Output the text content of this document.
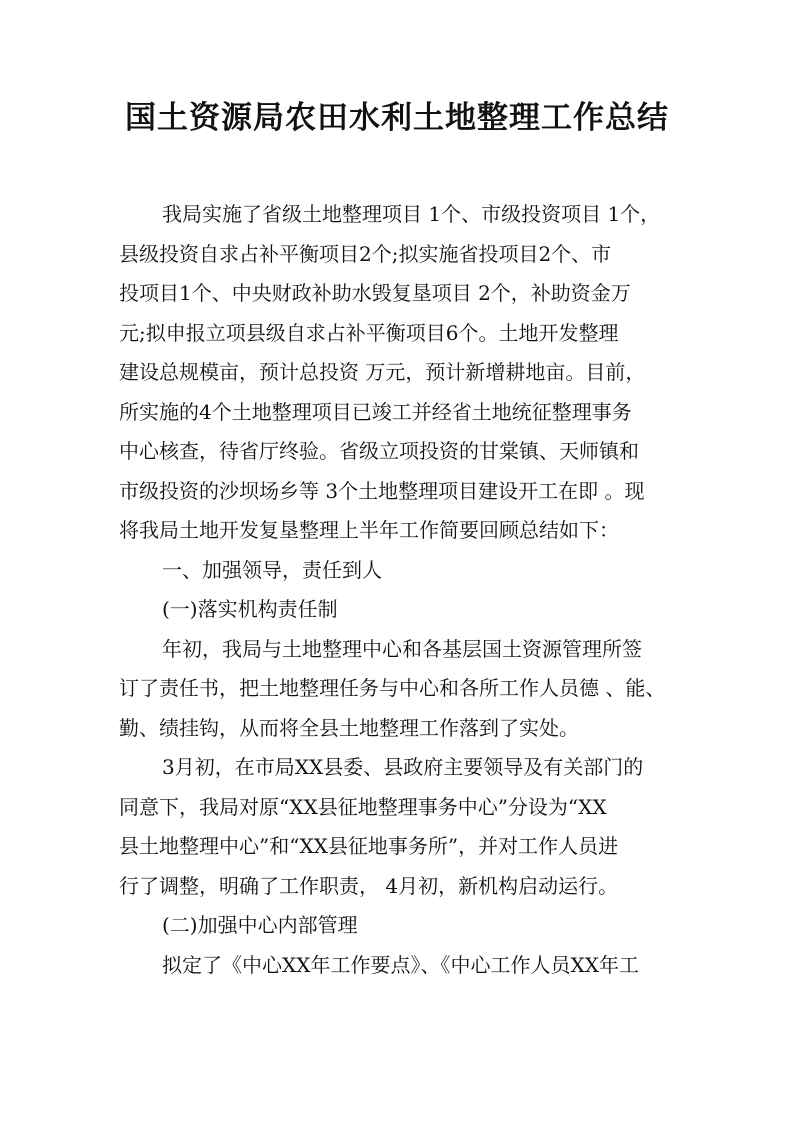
国土资源局农田水利土地整理工作总结
我局实施了省级土地整理项目 1个、市级投资项目 1个，
县级投资自求占补平衡项目2个;拟实施省投项目2个、市
投项目1个、中央财政补助水毁复垦项目 2个，补助资金万
元;拟申报立项县级自求占补平衡项目6个。土地开发整理
建设总规模亩，预计总投资 万元，预计新增耕地亩。目前，
所实施的4个土地整理项目已竣工并经省土地统征整理事务
中心核查，待省厅终验。省级立项投资的甘棠镇、天师镇和
市级投资的沙坝场乡等 3个土地整理项目建设开工在即 。现
将我局土地开发复垦整理上半年工作简要回顾总结如下：
一、加强领导，责任到人
(一)落实机构责任制
年初，我局与土地整理中心和各基层国土资源管理所签
订了责任书，把土地整理任务与中心和各所工作人员德 、能、
勤、绩挂钩，从而将全县土地整理工作落到了实处。
3月初，在市局XX县委、县政府主要领导及有关部门的
同意下，我局对原“XX县征地整理事务中心”分设为“XX
县土地整理中心”和“XX县征地事务所”，并对工作人员进
行了调整，明确了工作职责， 4月初，新机构启动运行。
(二)加强中心内部管理
拟定了《中心XX年工作要点》、《中心工作人员XX年工
